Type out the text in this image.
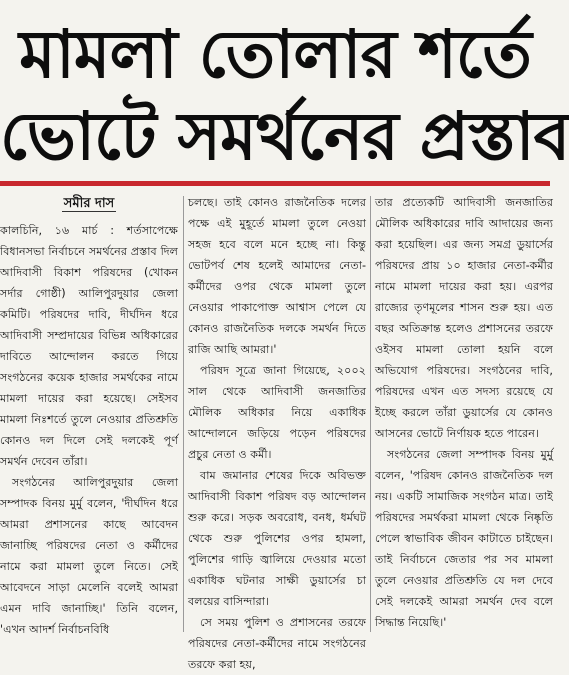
মামলা তোলার শর্তে
ভোটে সমর্থনের প্রস্তাব
সমীর দাস

কালচিনি, ১৬ মার্চ : শর্তসাপেক্ষে বিধানসভা নির্বাচনে সমর্থনের প্রস্তাব দিল আদিবাসী বিকাশ পরিষদের (খোকন সর্দার গোষ্ঠী) আলিপুরদুয়ার জেলা কমিটি। পরিষদের দাবি, দীর্ঘদিন ধরে আদিবাসী সম্প্রদায়ের বিভিন্ন অধিকারের দাবিতে আন্দোলন করতে গিয়ে সংগঠনের কয়েক হাজার সমর্থকের নামে মামলা দায়ের করা হয়েছে। সেইসব মামলা নিঃশর্তে তুলে নেওয়ার প্রতিশ্রুতি কোনও দল দিলে সেই দলকেই পূর্ণ সমর্থন দেবেন তাঁরা।

সংগঠনের আলিপুরদুয়ার জেলা সম্পাদক বিনয় মুর্মু বলেন, 'দীর্ঘদিন ধরে আমরা প্রশাসনের কাছে আবেদন জানাচ্ছি পরিষদের নেতা ও কর্মীদের নামে করা মামলা তুলে নিতে। সেই আবেদনে সাড়া মেলেনি বলেই আমরা এমন দাবি জানাচ্ছি।' তিনি বলেন, 'এখন আদর্শ নির্বাচনবিধি

চলছে। তাই কোনও রাজনৈতিক দলের পক্ষে এই মুহূর্তে মামলা তুলে নেওয়া সহজ হবে বলে মনে হচ্ছে না। কিন্তু ভোটপর্ব শেষ হলেই আমাদের নেতা-কর্মীদের ওপর থেকে মামলা তুলে নেওয়ার পাকাপোক্ত আশ্বাস পেলে যে কোনও রাজনৈতিক দলকে সমর্থন দিতে রাজি আছি আমরা।'

পরিষদ সূত্রে জানা গিয়েছে, ২০০২ সাল থেকে আদিবাসী জনজাতির মৌলিক অধিকার নিয়ে একাধিক আন্দোলনে জড়িয়ে পড়েন পরিষদের প্রচুর নেতা ও কর্মী।

বাম জমানার শেষের দিকে অবিভক্ত আদিবাসী বিকাশ পরিষদ বড় আন্দোলন শুরু করে। সড়ক অবরোধ, বনধ, ধর্মঘট থেকে শুরু পুলিশের ওপর হামলা, পুলিশের গাড়ি জ্বালিয়ে দেওয়ার মতো একাধিক ঘটনার সাক্ষী ডুয়ার্সের চা বলয়ের বাসিন্দারা।

সে সময় পুলিশ ও প্রশাসনের তরফে পরিষদের নেতা-কর্মীদের নামে সংগঠনের তরফে করা হয়,

তার প্রত্যেকটি আদিবাসী জনজাতির মৌলিক অধিকারের দাবি আদায়ের জন্য করা হয়েছিল। এর জন্য সমগ্র ডুয়ার্সের পরিষদের প্রায় ১০ হাজার নেতা-কর্মীর নামে মামলা দায়ের করা হয়। এরপর রাজ্যের তৃণমূলের শাসন শুরু হয়। এত বছর অতিক্রান্ত হলেও প্রশাসনের তরফে ওইসব মামলা তোলা হয়নি বলে অভিযোগ পরিষদের। সংগঠনের দাবি, পরিষদের এখন এত সদস্য রয়েছে যে ইচ্ছে করলে তাঁরা ডুয়ার্সের যে কোনও আসনের ভোটে নির্ণায়ক হতে পারেন।

সংগঠনের জেলা সম্পাদক বিনয় মুর্মু বলেন, 'পরিষদ কোনও রাজনৈতিক দল নয়। একটি সামাজিক সংগঠন মাত্র। তাই পরিষদের সমর্থকরা মামলা থেকে নিষ্কৃতি পেলে স্বাভাবিক জীবন কাটাতে চাইছেন। তাই নির্বাচনে জেতার পর সব মামলা তুলে নেওয়ার প্রতিশ্রুতি যে দল দেবে সেই দলকেই আমরা সমর্থন দেব বলে সিদ্ধান্ত নিয়েছি।'
